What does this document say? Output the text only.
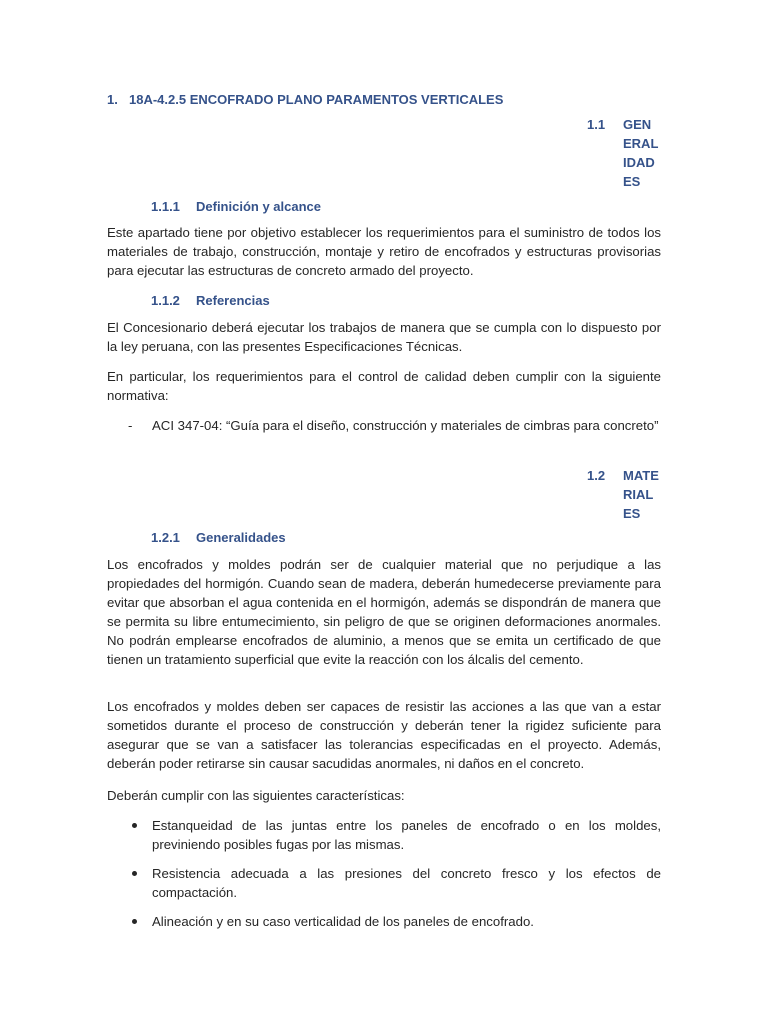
1. 18A-4.2.5 ENCOFRADO PLANO PARAMENTOS VERTICALES
1.1 GEN
ERAL
IDAD
ES
1.1.1 Definición y alcance
Este apartado tiene por objetivo establecer los requerimientos para el suministro de todos los materiales de trabajo, construcción, montaje y retiro de encofrados y estructuras provisorias para ejecutar las estructuras de concreto armado del proyecto.
1.1.2 Referencias
El Concesionario deberá ejecutar los trabajos de manera que se cumpla con lo dispuesto por la ley peruana, con las presentes Especificaciones Técnicas.
En particular, los requerimientos para el control de calidad deben cumplir con la siguiente normativa:
-	ACI 347-04: “Guía para el diseño, construcción y materiales de cimbras para concreto”
1.2 MATE
RIAL
ES
1.2.1 Generalidades
Los encofrados y moldes podrán ser de cualquier material que no perjudique a las propiedades del hormigón. Cuando sean de madera, deberán humedecerse previamente para evitar que absorban el agua contenida en el hormigón, además se dispondrán de manera que se permita su libre entumecimiento, sin peligro de que se originen deformaciones anormales. No podrán emplearse encofrados de aluminio, a menos que se emita un certificado de que tienen un tratamiento superficial que evite la reacción con los álcalis del cemento.
Los encofrados y moldes deben ser capaces de resistir las acciones a las que van a estar sometidos durante el proceso de construcción y deberán tener la rigidez suficiente para asegurar que se van a satisfacer las tolerancias especificadas en el proyecto. Además, deberán poder retirarse sin causar sacudidas anormales, ni daños en el concreto.
Deberán cumplir con las siguientes características:
Estanqueidad de las juntas entre los paneles de encofrado o en los moldes, previniendo posibles fugas por las mismas.
Resistencia adecuada a las presiones del concreto fresco y los efectos de compactación.
Alineación y en su caso verticalidad de los paneles de encofrado.
